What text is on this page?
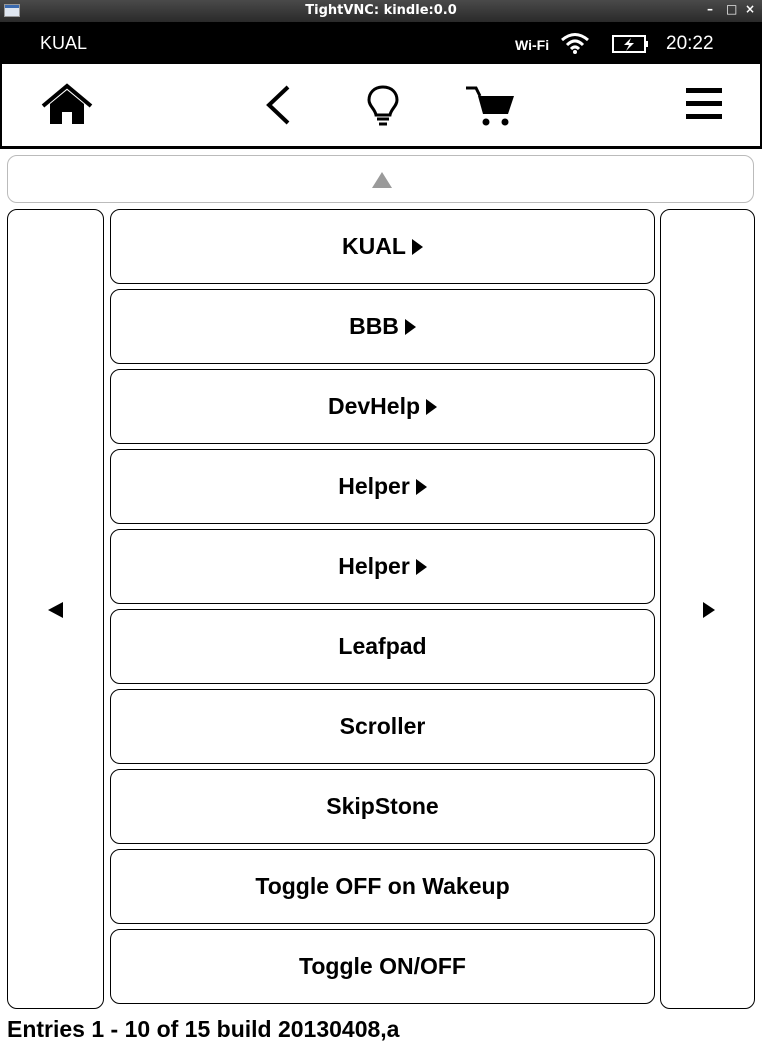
TightVNC: kindle:0.0	– □ ×
KUAL	Wi-Fi	20:22
KUAL
BBB
DevHelp
Helper
Helper
Leafpad
Scroller
SkipStone
Toggle OFF on Wakeup
Toggle ON/OFF
Entries 1 - 10 of 15 build 20130408,a
